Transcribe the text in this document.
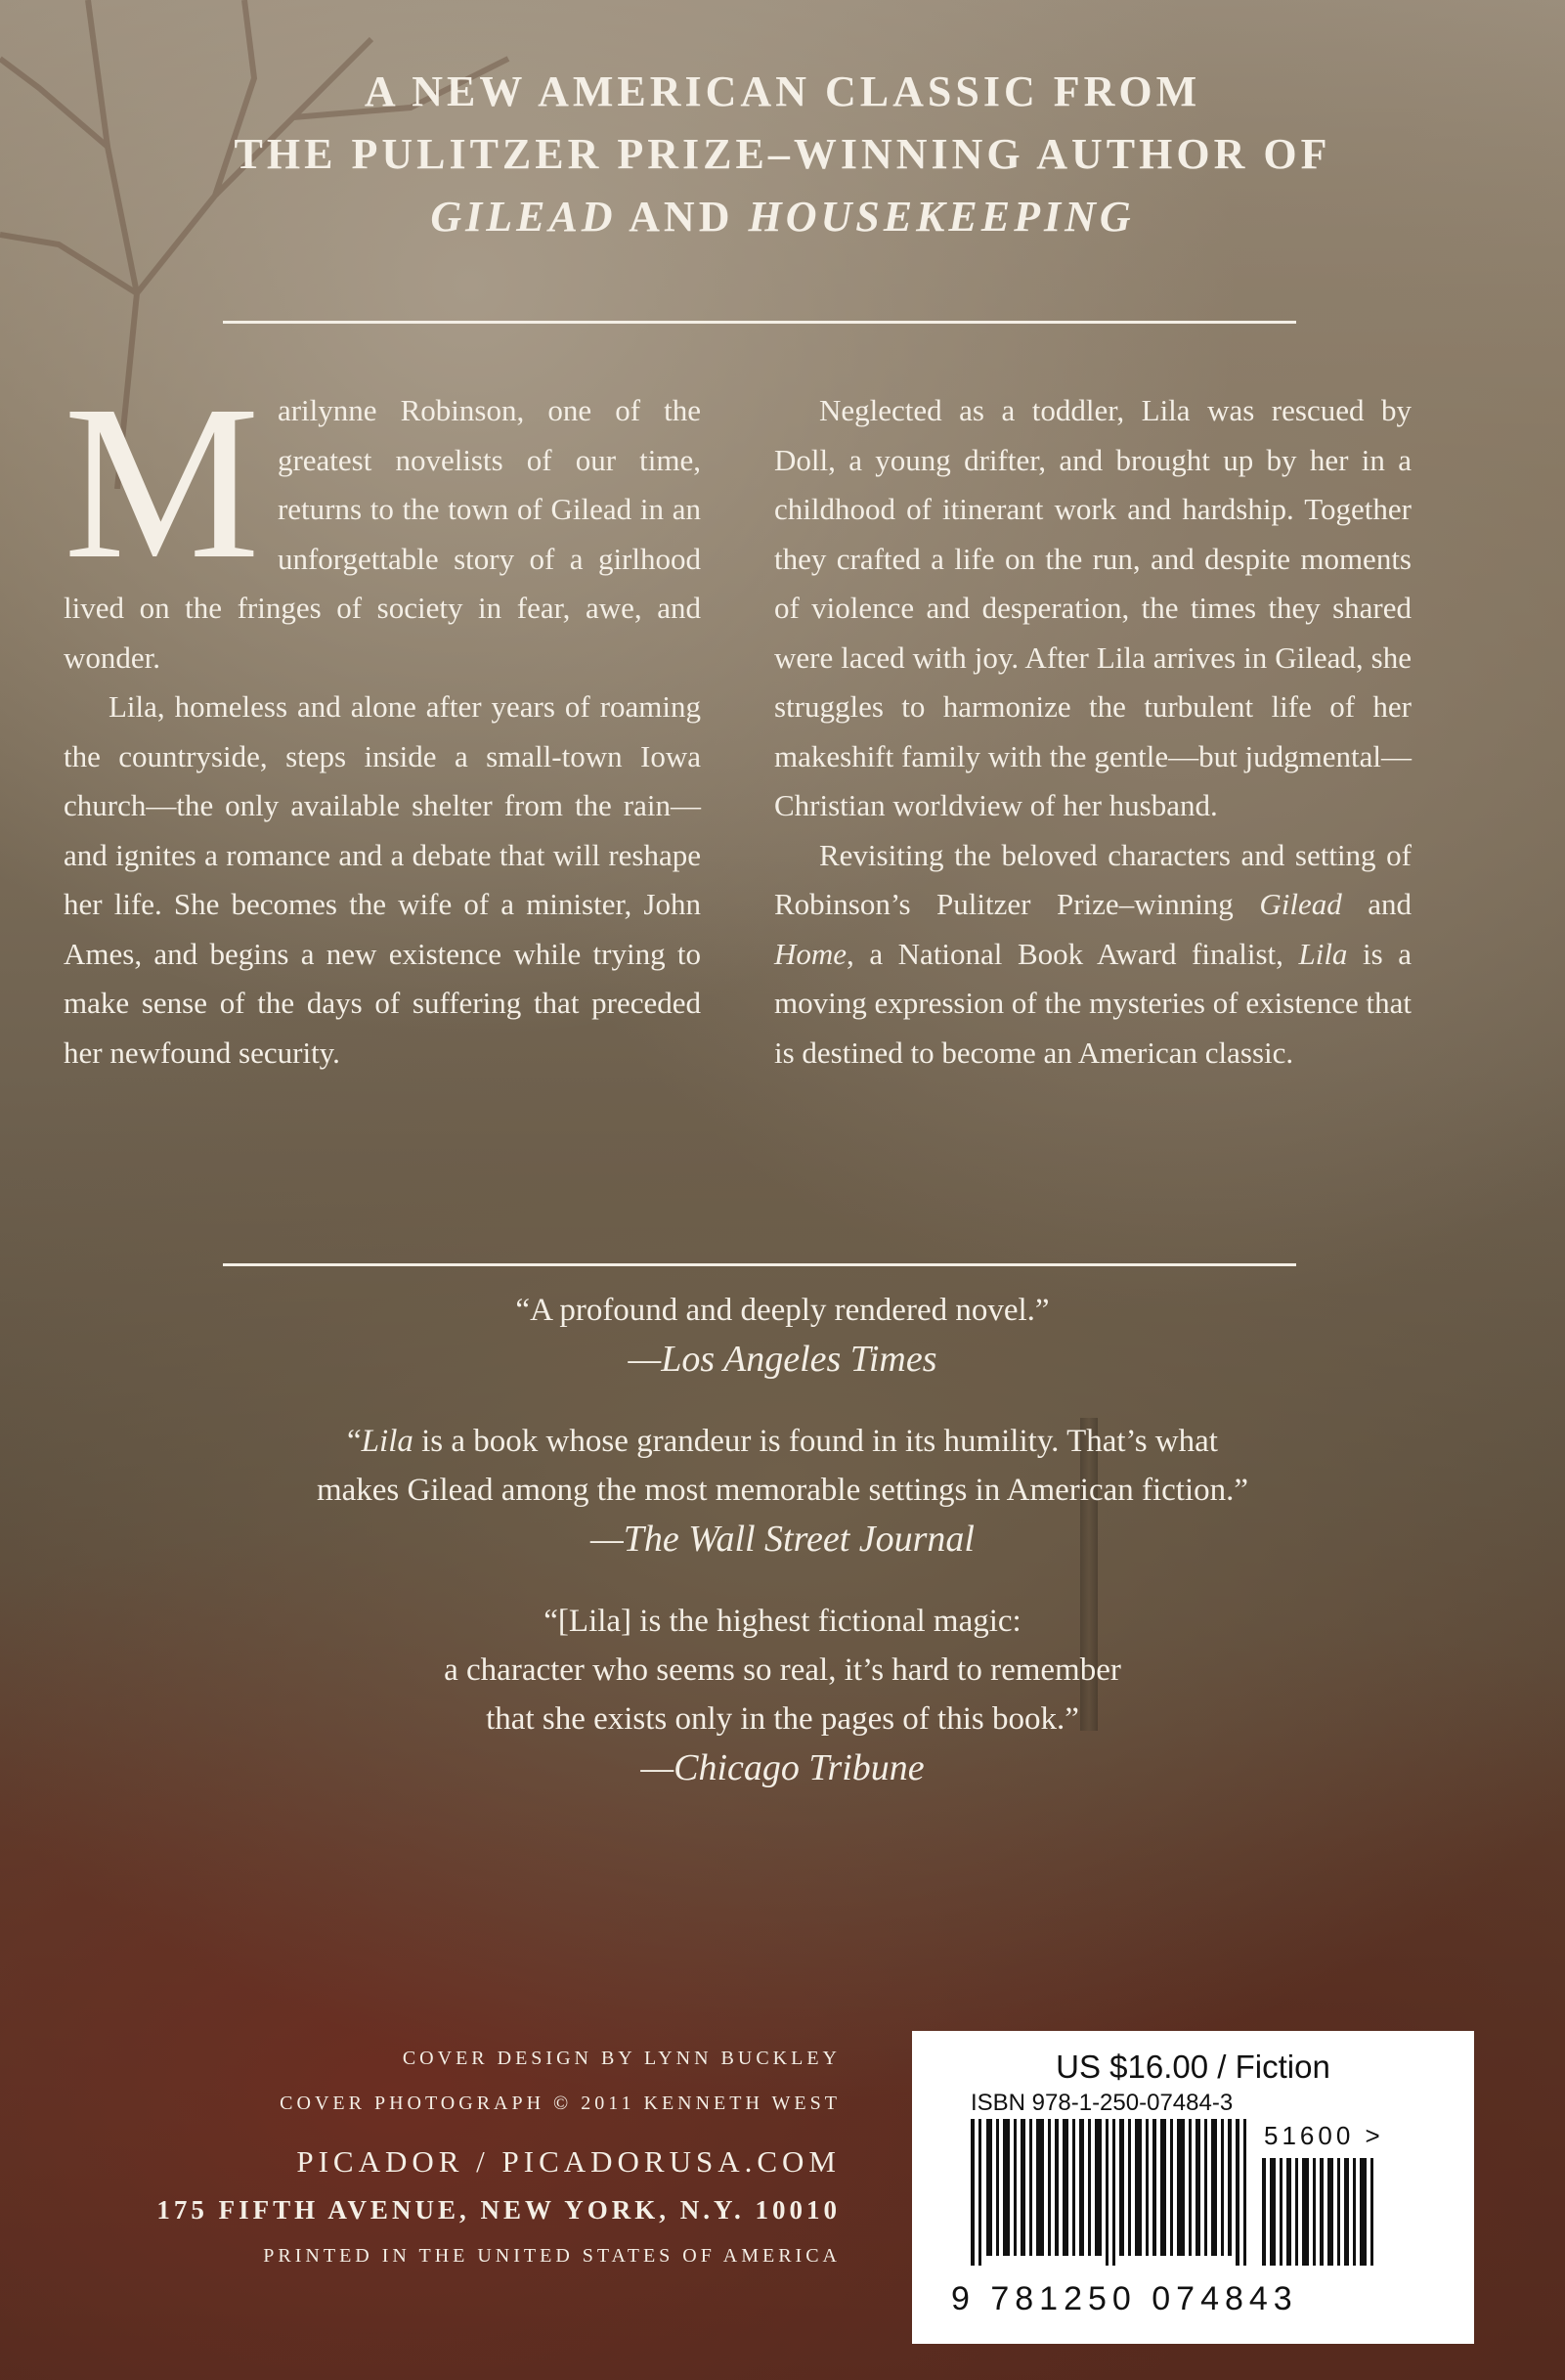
A NEW AMERICAN CLASSIC FROM
THE PULITZER PRIZE–WINNING AUTHOR OF
GILEAD AND HOUSEKEEPING

Marilynne Robinson, one of the greatest novelists of our time, returns to the town of Gilead in an unforgettable story of a girlhood lived on the fringes of society in fear, awe, and wonder.

Lila, homeless and alone after years of roaming the countryside, steps inside a small-town Iowa church—the only available shelter from the rain—and ignites a romance and a debate that will reshape her life. She becomes the wife of a minister, John Ames, and begins a new existence while trying to make sense of the days of suffering that preceded her newfound security.

Neglected as a toddler, Lila was rescued by Doll, a young drifter, and brought up by her in a childhood of itinerant work and hardship. Together they crafted a life on the run, and despite moments of violence and desperation, the times they shared were laced with joy. After Lila arrives in Gilead, she struggles to harmonize the turbulent life of her makeshift family with the gentle—but judgmental—Christian worldview of her husband.

Revisiting the beloved characters and setting of Robinson’s Pulitzer Prize–winning Gilead and Home, a National Book Award finalist, Lila is a moving expression of the mysteries of existence that is destined to become an American classic.

“A profound and deeply rendered novel.”
—Los Angeles Times
“Lila is a book whose grandeur is found in its humility. That’s what
makes Gilead among the most memorable settings in American fiction.”
—The Wall Street Journal
“[Lila] is the highest fictional magic:
a character who seems so real, it’s hard to remember
that she exists only in the pages of this book.”
—Chicago Tribune
COVER DESIGN BY LYNN BUCKLEY
COVER PHOTOGRAPH © 2011 KENNETH WEST
PICADOR / PICADORUSA.COM
175 FIFTH AVENUE, NEW YORK, N.Y. 10010
PRINTED IN THE UNITED STATES OF AMERICA
US $16.00 / Fiction
ISBN 978-1-250-07484-3
51600 >
9 781250 074843
